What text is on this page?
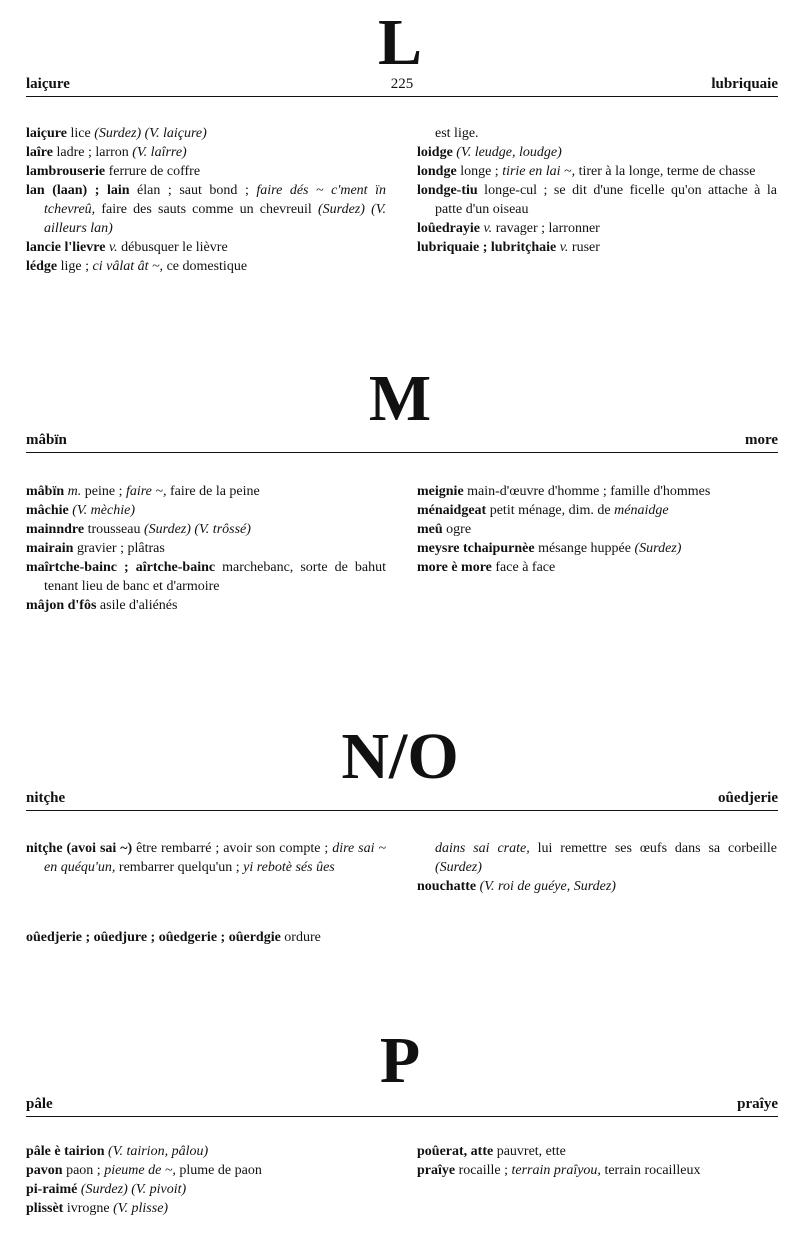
L
laiçure	225	lubriquaie
laiçure lice (Surdez) (V. laiçure)
laîre ladre ; larron (V. laîrre)
lambrouserie ferrure de coffre
lan (laan) ; lain élan ; saut bond ; faire dés ~ c'ment ïn tchevreû, faire des sauts comme un chevreuil (Surdez) (V. ailleurs lan)
lancie l'lievre v. débusquer le lièvre
lédge lige ; ci vâlat ât ~, ce domestique
est lige.
loidge (V. leudge, loudge)
londge longe ; tirie en lai ~, tirer à la longe, terme de chasse
londge-tiu longe-cul ; se dit d'une ficelle qu'on attache à la patte d'un oiseau
loûedrayie v. ravager ; larronner
lubriquaie ; lubritçhaie v. ruser
M
mâbïn	more
mâbïn m. peine ; faire ~, faire de la peine
mâchie (V. mèchie)
mainndre trousseau (Surdez) (V. trôssé)
mairain gravier ; plâtras
maîrtche-bainc ; aîrtche-bainc marchebanc, sorte de bahut tenant lieu de banc et d'armoire
mâjon d'fôs asile d'aliénés
meignie main-d'œuvre d'homme ; famille d'hommes
ménaidgeat petit ménage, dim. de ménaidge
meû ogre
meysre tchaipurnèe mésange huppée (Surdez)
more è more face à face
N/O
nitçhe	oûedjerie
nitçhe (avoi sai ~) être rembarré ; avoir son compte ; dire sai ~ en quéqu'un, rembarrer quelqu'un ; yi rebotè sés ûes
dains sai crate, lui remettre ses œufs dans sa corbeille (Surdez)
nouchatte (V. roi de guéye, Surdez)
oûedjerie ; oûedjure ; oûedgerie ; oûerdgie ordure
P
pâle	praîye
pâle è tairion (V. tairion, pâlou)
pavon paon ; pieume de ~, plume de paon
pi-raimé (Surdez) (V. pivoit)
plissèt ivrogne (V. plisse)
poûerat, atte pauvret, ette
praîye rocaille ; terrain praîyou, terrain rocailleux
